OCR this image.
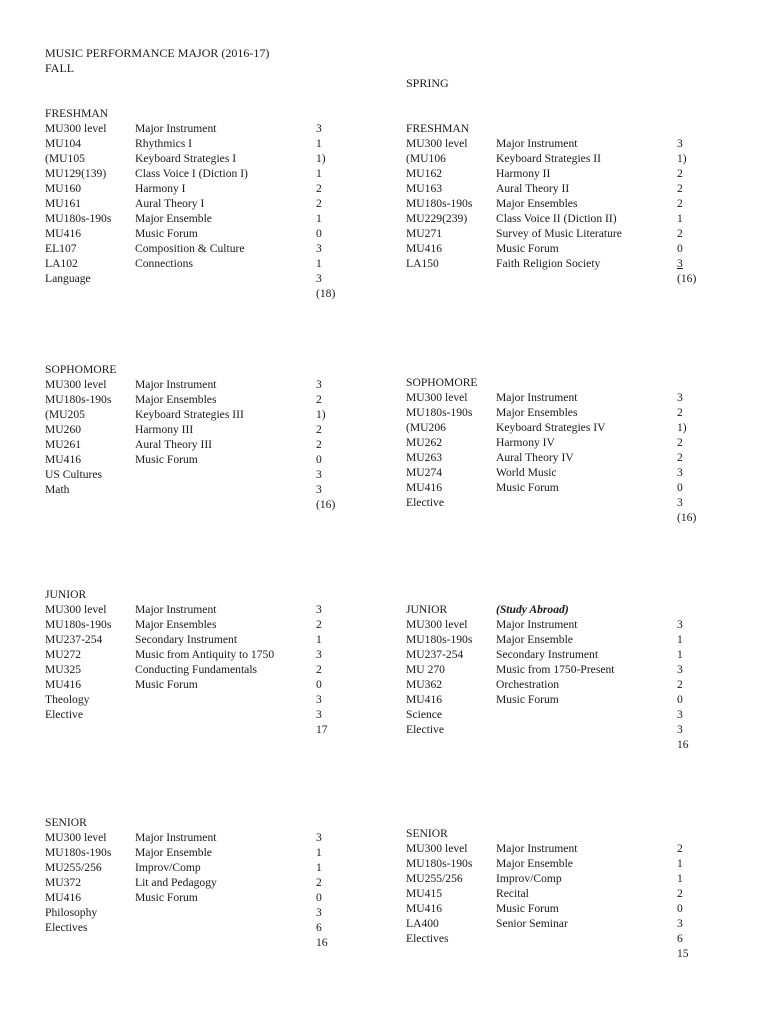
MUSIC PERFORMANCE MAJOR (2016-17)
FALL
SPRING
FRESHMAN
MU300 level Major Instrument	3
MU104	Rhythmics I	1
(MU105	Keyboard Strategies I	1)
MU129(139) Class Voice I (Diction I)	1
MU160	Harmony I	2
MU161	Aural Theory I	2
MU180s-190s Major Ensemble	1
MU416	Music Forum	0
EL107	Composition & Culture	3
LA102	Connections	1
Language	3
(18)
FRESHMAN
MU300 level Major Instrument	3
(MU106	Keyboard Strategies II	1)
MU162	Harmony II	2
MU163	Aural Theory II	2
MU180s-190s Major Ensembles	2
MU229(239) Class Voice II (Diction II)	1
MU271	Survey of Music Literature	2
MU416	Music Forum	0
LA150	Faith Religion Society	3
(16)
SOPHOMORE
MU300 level Major Instrument	3
MU180s-190s Major Ensembles	2
(MU205	Keyboard Strategies III	1)
MU260	Harmony III	2
MU261	Aural Theory III	2
MU416	Music Forum	0
US Cultures	3
Math	3
(16)
SOPHOMORE
MU300 level Major Instrument	3
MU180s-190s Major Ensembles	2
(MU206	Keyboard Strategies IV	1)
MU262	Harmony IV	2
MU263	Aural Theory IV	2
MU274	World Music	3
MU416	Music Forum	0
Elective	3
(16)
JUNIOR
MU300 level Major Instrument	3
MU180s-190s Major Ensembles	2
MU237-254	Secondary Instrument	1
MU272	Music from Antiquity to 1750	3
MU325	Conducting Fundamentals	2
MU416	Music Forum	0
Theology	3
Elective	3
17
JUNIOR	(Study Abroad)
MU300 level Major Instrument	3
MU180s-190s Major Ensemble	1
MU237-254	Secondary Instrument	1
MU 270	Music from 1750-Present	3
MU362	Orchestration	2
MU416	Music Forum	0
Science	3
Elective	3
16
SENIOR
MU300 level Major Instrument	3
MU180s-190s Major Ensemble	1
MU255/256	Improv/Comp	1
MU372	Lit and Pedagogy	2
MU416	Music Forum	0
Philosophy	3
Electives	6
16
SENIOR
MU300 level Major Instrument	2
MU180s-190s Major Ensemble	1
MU255/256	Improv/Comp	1
MU415	Recital	2
MU416	Music Forum	0
LA400	Senior Seminar	3
Electives	6
15
